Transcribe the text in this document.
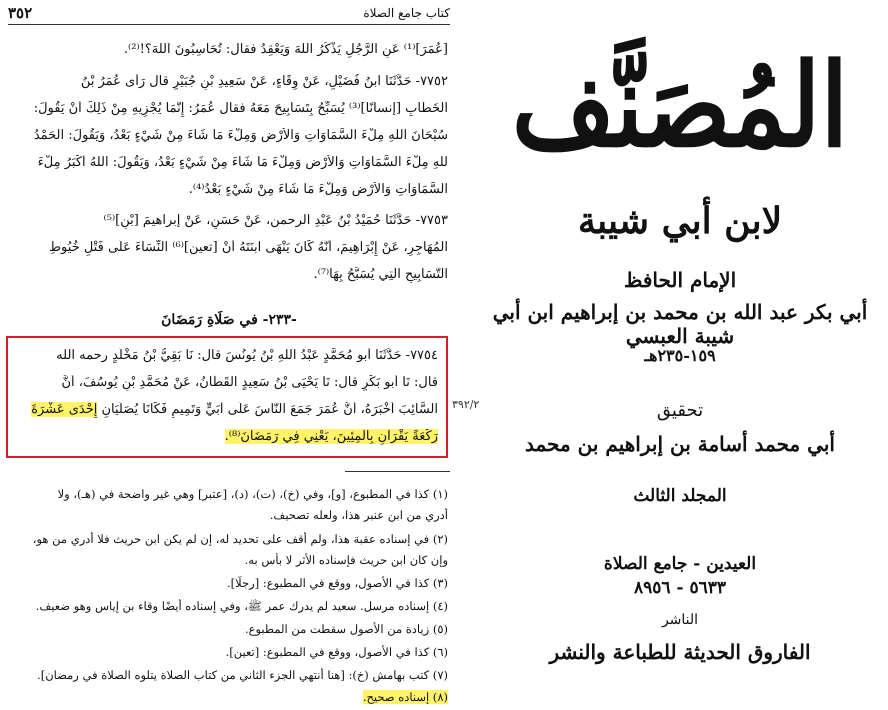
٣٥٢	كتاب جامع الصلاة
[عُمَرَ]⁽¹⁾ عَنِ الرَّجُلِ يَذْكُرُ اللهَ وَيَعْقِدُ فقال: تُحَاسِبُونَ اللهَ؟!⁽²⁾.
٧٧٥٢- حَدَّثَنَا ابنُ فُضَيْلٍ، عَنْ وِقَاءٍ، عَنْ سَعِيدِ بْنِ جُبَيْرٍ قال رَأَى عُمَرُ بْنُ
الخَطَّابِ [إنسانًا]⁽³⁾ يُسَبِّحُ بِتَسَابِيحَ مَعَهُ فقال عُمَرُ: إِنَّمَا يُجْزِيهِ مِنْ ذَلِكَ أَنْ يَقُولَ:
سُبْحَانَ اللهِ مِلْءَ السَّمَاوَاتِ وَالأَرْضِ وَمِلْءَ مَا شَاءَ مِنْ شَيْءٍ بَعْدُ، وَيَقُولَ: الحَمْدُ
للهِ مِلْءَ السَّمَاوَاتِ وَالأَرْضِ وَمِلْءَ مَا شَاءَ مِنْ شَيْءٍ بَعْدُ، وَيَقُولَ: اللهُ أَكْبَرُ مِلْءَ
السَّمَاوَاتِ وَالأَرْضِ وَمِلْءَ مَا شَاءَ مِنْ شَيْءٍ بَعْدُ⁽⁴⁾.
٧٧٥٣- حَدَّثَنَا حُمَيْدُ بْنُ عَبْدِ الرحمن، عَنْ حَسَنٍ، عَنْ إبراهيمَ [بْنِ]⁽⁵⁾
المُهَاجِرِ، عَنْ إِبْرَاهِيمَ، أَنَّهُ كَانَ يَنْهَى ابنَتَهُ أَنْ [تعين]⁽⁶⁾ النِّسَاءَ عَلَى فَتْلِ خُيُوطِ
التَّسَابِيحِ الَّتِي يُسَبَّحُ بِهَا⁽⁷⁾.
-٢٣٣- في صَلَاةِ رَمَضَانَ
٧٧٥٤- حَدَّثَنَا أبو مُحَمَّدٍ عَبْدُ اللهِ بْنُ يُونُسَ قال: نَا بَقِيُّ بْنُ مَخْلَدٍ رحمه الله
قال: نَا أبو بَكْرٍ قال: نَا يَحْيَى بْنُ سَعِيدٍ القَطَّانُ، عَنْ مُحَمَّدِ بْنِ يُوسُفَ، أَنَّ
السَّائِبَ أَخْبَرَهُ، أَنَّ عُمَرَ جَمَعَ النَّاسَ عَلَى أُبَيٍّ وَتَمِيمٍ فَكَانَا يُصَلِّيَانِ إِحْدَى عَشْرَةَ
رَكْعَةً يَقْرَآنِ بِالْمِئِينَ، يَعْنِي فِي رَمَضَانَ⁽⁸⁾.
٣٩٢/٢
(١) كذا في المطبوع، [و]، وفي (خ)، (ت)، (د)، [عتبر] وهي غير واضحة في (هـ)، ولا
أدري من ابن عنبر هذا، ولعله تصحيف.
(٢) في إسناده عقبة هذا، ولم أقف على تحديد له، إن لم يكن ابن حريث فلا أدري من هو،
وإن كان ابن حريث فإسناده الأثر لا بأس به.
(٣) كذا في الأصول، ووقع في المطبوع: [رجلًا].
(٤) إسناده مرسل. سعيد لم يدرك عمر ﷺ، وفي إسناده أيضًا وقاء بن إياس وهو ضعيف.
(٥) زيادة من الأصول سقطت من المطبوع.
(٦) كذا في الأصول، ووقع في المطبوع: [تعين].
(٧) كتب بهامش (خ): [هنا أنتهي الجزء الثاني من كتاب الصلاة يتلوه الصلاة في رمضان].
(٨) إسناده صحيح.
المُصَنَّف
لابن أبي شيبة
الإمام الحافظ
أبي بكر عبد الله بن محمد بن إبراهيم ابن أبي شيبة العبسي
١٥٩-٢٣٥هـ
تحقيق
أبي محمد أسامة بن إبراهيم بن محمد
المجلد الثالث
العيدين - جامع الصلاة
٥٦٣٣ - ٨٩٥٦
الناشر
الفاروق الحديثة للطباعة والنشر
